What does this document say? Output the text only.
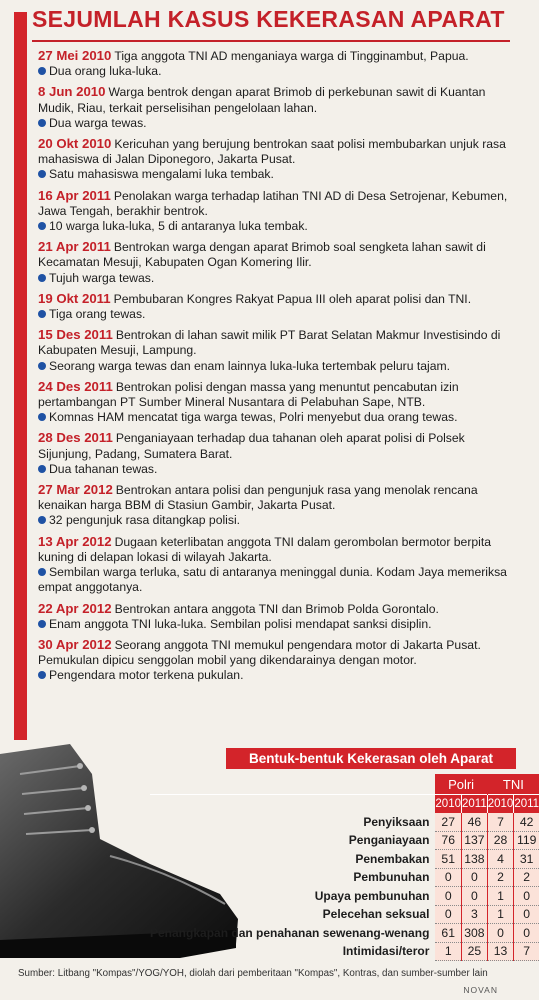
SEJUMLAH KASUS KEKERASAN APARAT
27 Mei 2010 Tiga anggota TNI AD menganiaya warga di Tingginambut, Papua.
Dua orang luka-luka.
8 Jun 2010 Warga bentrok dengan aparat Brimob di perkebunan sawit di Kuantan Mudik, Riau, terkait perselisihan pengelolaan lahan.
Dua warga tewas.
20 Okt 2010 Kericuhan yang berujung bentrokan saat polisi membubarkan unjuk rasa mahasiswa di Jalan Diponegoro, Jakarta Pusat.
Satu mahasiswa mengalami luka tembak.
16 Apr 2011 Penolakan warga terhadap latihan TNI AD di Desa Setrojenar, Kebumen, Jawa Tengah, berakhir bentrok.
10 warga luka-luka, 5 di antaranya luka tembak.
21 Apr 2011 Bentrokan warga dengan aparat Brimob soal sengketa lahan sawit di Kecamatan Mesuji, Kabupaten Ogan Komering Ilir.
Tujuh warga tewas.
19 Okt 2011 Pembubaran Kongres Rakyat Papua III oleh aparat polisi dan TNI.
Tiga orang tewas.
15 Des 2011 Bentrokan di lahan sawit milik PT Barat Selatan Makmur Investisindo di Kabupaten Mesuji, Lampung.
Seorang warga tewas dan enam lainnya luka-luka tertembak peluru tajam.
24 Des 2011 Bentrokan polisi dengan massa yang menuntut pencabutan izin pertambangan PT Sumber Mineral Nusantara di Pelabuhan Sape, NTB.
Komnas HAM mencatat tiga warga tewas, Polri menyebut dua orang tewas.
28 Des 2011 Penganiayaan terhadap dua tahanan oleh aparat polisi di Polsek Sijunjung, Padang, Sumatera Barat.
Dua tahanan tewas.
27 Mar 2012 Bentrokan antara polisi dan pengunjuk rasa yang menolak rencana kenaikan harga BBM di Stasiun Gambir, Jakarta Pusat.
32 pengunjuk rasa ditangkap polisi.
13 Apr 2012 Dugaan keterlibatan anggota TNI dalam gerombolan bermotor berpita kuning di delapan lokasi di wilayah Jakarta.
Sembilan warga terluka, satu di antaranya meninggal dunia. Kodam Jaya memeriksa empat anggotanya.
22 Apr 2012 Bentrokan antara anggota TNI dan Brimob Polda Gorontalo.
Enam anggota TNI luka-luka. Sembilan polisi mendapat sanksi disiplin.
30 Apr 2012 Seorang anggota TNI memukul pengendara motor di Jakarta Pusat. Pemukulan dipicu senggolan mobil yang dikendarainya dengan motor.
Pengendara motor terkena pukulan.
Bentuk-bentuk Kekerasan oleh Aparat
	Polri		TNI	
	2010	2011	2010	2011
Penyiksaan	27	46	7	42
Penganiayaan	76	137	28	119
Penembakan	51	138	4	31
Pembunuhan	0	0	2	2
Upaya pembunuhan	0	0	1	0
Pelecehan seksual	0	3	1	0
Penangkapan dan penahanan sewenang-wenang	61	308	0	0
Intimidasi/teror	1	25	13	7
Sumber: Litbang "Kompas"/YOG/YOH, diolah dari pemberitaan "Kompas", Kontras, dan sumber-sumber lain
NOVAN
